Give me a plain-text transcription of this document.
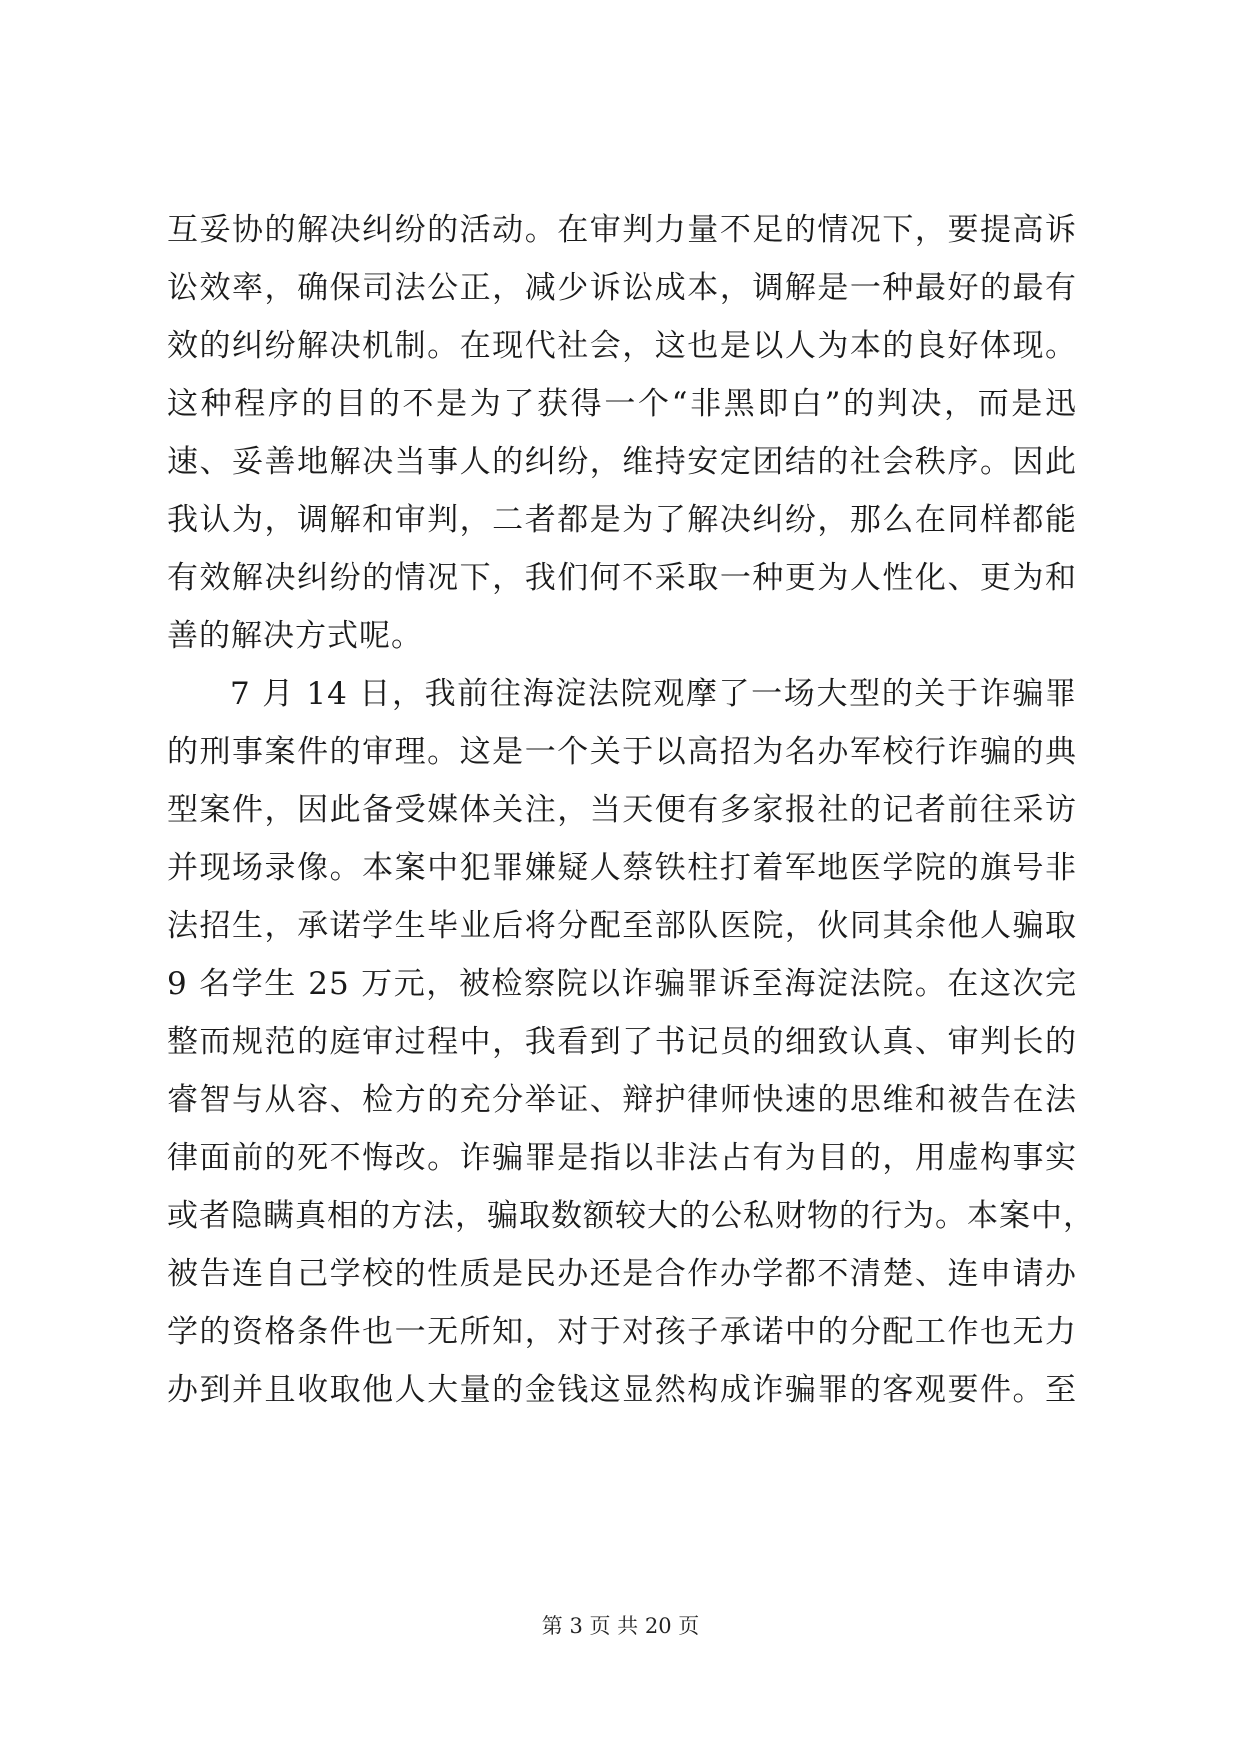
互妥协的解决纠纷的活动。在审判力量不足的情况下，要提高诉
讼效率，确保司法公正，减少诉讼成本，调解是一种最好的最有
效的纠纷解决机制。在现代社会，这也是以人为本的良好体现。
这种程序的目的不是为了获得一个“非黑即白”的判决，而是迅
速、妥善地解决当事人的纠纷，维持安定团结的社会秩序。因此
我认为，调解和审判，二者都是为了解决纠纷，那么在同样都能
有效解决纠纷的情况下，我们何不采取一种更为人性化、更为和
善的解决方式呢。
7 月 14 日，我前往海淀法院观摩了一场大型的关于诈骗罪
的刑事案件的审理。这是一个关于以高招为名办军校行诈骗的典
型案件，因此备受媒体关注，当天便有多家报社的记者前往采访
并现场录像。本案中犯罪嫌疑人蔡铁柱打着军地医学院的旗号非
法招生，承诺学生毕业后将分配至部队医院，伙同其余他人骗取
9 名学生 25 万元，被检察院以诈骗罪诉至海淀法院。在这次完
整而规范的庭审过程中，我看到了书记员的细致认真、审判长的
睿智与从容、检方的充分举证、辩护律师快速的思维和被告在法
律面前的死不悔改。诈骗罪是指以非法占有为目的，用虚构事实
或者隐瞒真相的方法，骗取数额较大的公私财物的行为。本案中，
被告连自己学校的性质是民办还是合作办学都不清楚、连申请办
学的资格条件也一无所知，对于对孩子承诺中的分配工作也无力
办到并且收取他人大量的金钱这显然构成诈骗罪的客观要件。至
第 3 页 共 20 页
